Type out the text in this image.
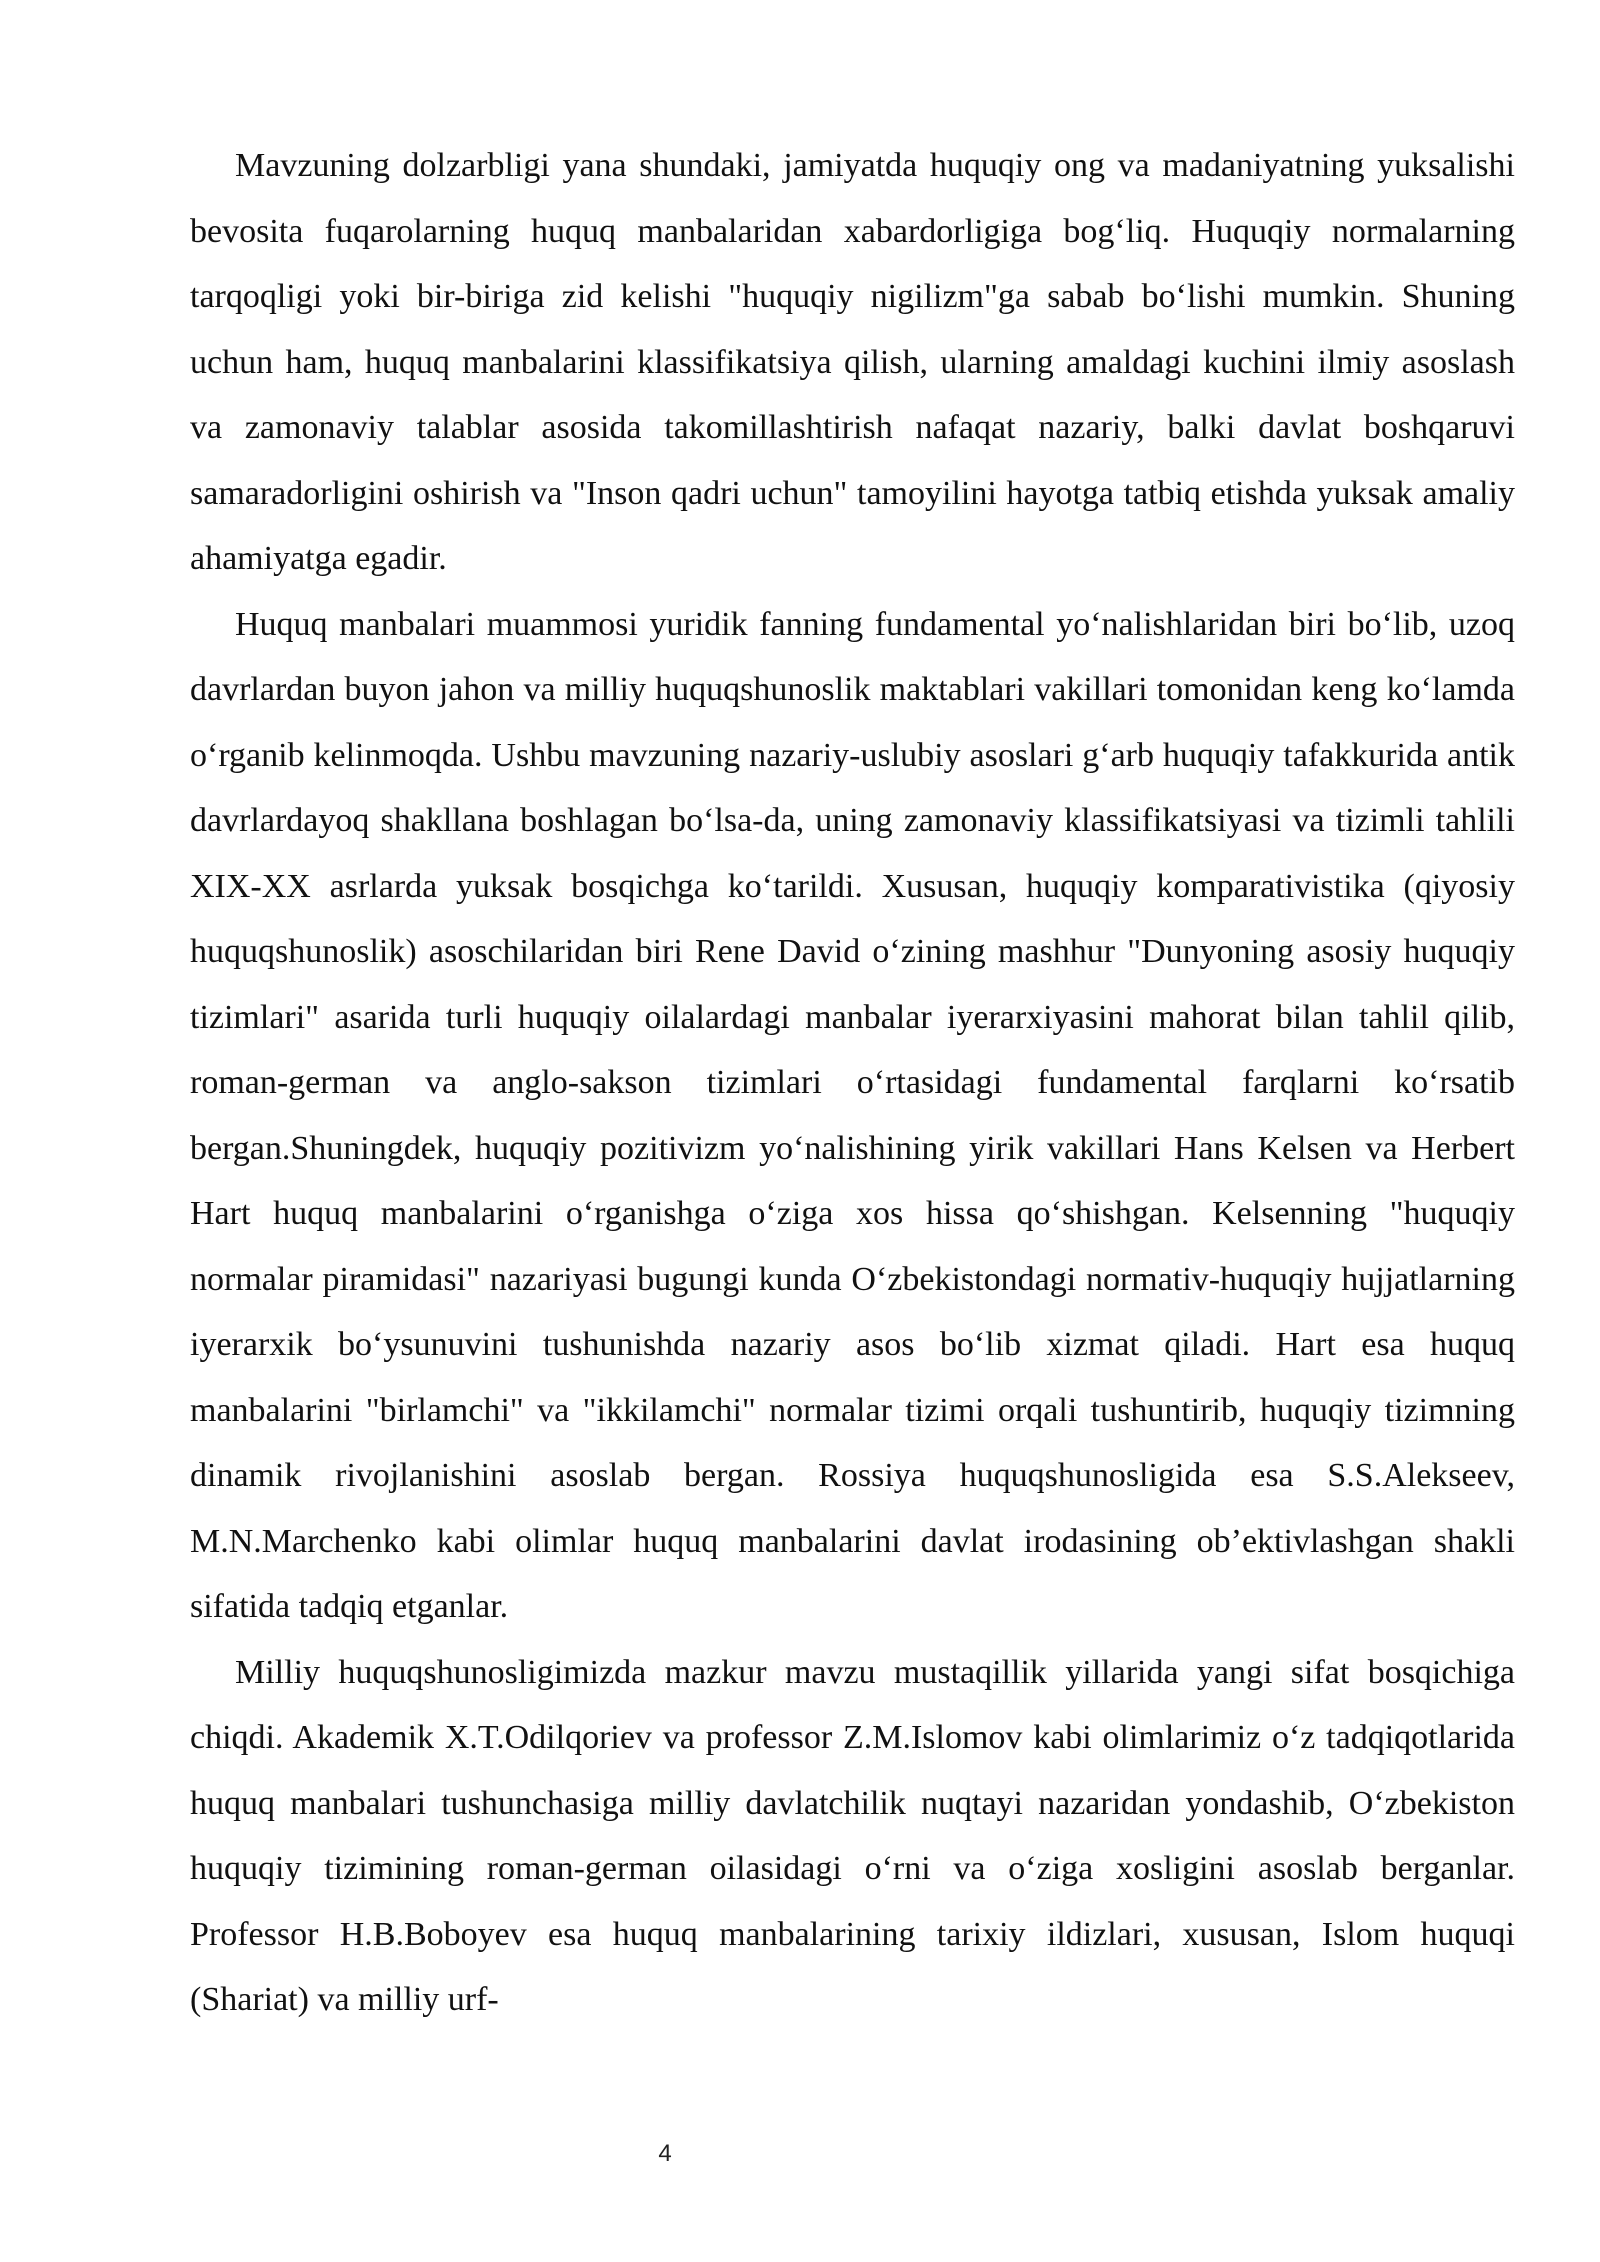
Mavzuning dolzarbligi yana shundaki, jamiyatda huquqiy ong va madaniyatning yuksalishi bevosita fuqarolarning huquq manbalaridan xabardorligiga bog‘liq. Huquqiy normalarning tarqoqligi yoki bir-biriga zid kelishi "huquqiy nigilizm"ga sabab bo‘lishi mumkin. Shuning uchun ham, huquq manbalarini klassifikatsiya qilish, ularning amaldagi kuchini ilmiy asoslash va zamonaviy talablar asosida takomillashtirish nafaqat nazariy, balki davlat boshqaruvi samaradorligini oshirish va "Inson qadri uchun" tamoyilini hayotga tatbiq etishda yuksak amaliy ahamiyatga egadir.

Huquq manbalari muammosi yuridik fanning fundamental yo‘nalishlaridan biri bo‘lib, uzoq davrlardan buyon jahon va milliy huquqshunoslik maktablari vakillari tomonidan keng ko‘lamda o‘rganib kelinmoqda. Ushbu mavzuning nazariy-uslubiy asoslari g‘arb huquqiy tafakkurida antik davrlardayoq shakllana boshlagan bo‘lsa-da, uning zamonaviy klassifikatsiyasi va tizimli tahlili XIX-XX asrlarda yuksak bosqichga ko‘tarildi. Xususan, huquqiy komparativistika (qiyosiy huquqshunoslik) asoschilaridan biri Rene David o‘zining mashhur "Dunyoning asosiy huquqiy tizimlari" asarida turli huquqiy oilalardagi manbalar iyerarxiyasini mahorat bilan tahlil qilib, roman-german va anglo-sakson tizimlari o‘rtasidagi fundamental farqlarni ko‘rsatib bergan.Shuningdek, huquqiy pozitivizm yo‘nalishining yirik vakillari Hans Kelsen va Herbert Hart huquq manbalarini o‘rganishga o‘ziga xos hissa qo‘shishgan. Kelsenning "huquqiy normalar piramidasi" nazariyasi bugungi kunda O‘zbekistondagi normativ-huquqiy hujjatlarning iyerarxik bo‘ysunuvini tushunishda nazariy asos bo‘lib xizmat qiladi. Hart esa huquq manbalarini "birlamchi" va "ikkilamchi" normalar tizimi orqali tushuntirib, huquqiy tizimning dinamik rivojlanishini asoslab bergan. Rossiya huquqshunosligida esa S.S.Alekseev, M.N.Marchenko kabi olimlar huquq manbalarini davlat irodasining ob’ektivlashgan shakli sifatida tadqiq etganlar.

Milliy huquqshunosligimizda mazkur mavzu mustaqillik yillarida yangi sifat bosqichiga chiqdi. Akademik X.T.Odilqoriev va professor Z.M.Islomov kabi olimlarimiz o‘z tadqiqotlarida huquq manbalari tushunchasiga milliy davlatchilik nuqtayi nazaridan yondashib, O‘zbekiston huquqiy tizimining roman-german oilasidagi o‘rni va o‘ziga xosligini asoslab berganlar. Professor H.B.Boboyev esa huquq manbalarining tarixiy ildizlari, xususan, Islom huquqi (Shariat) va milliy urf-

4
